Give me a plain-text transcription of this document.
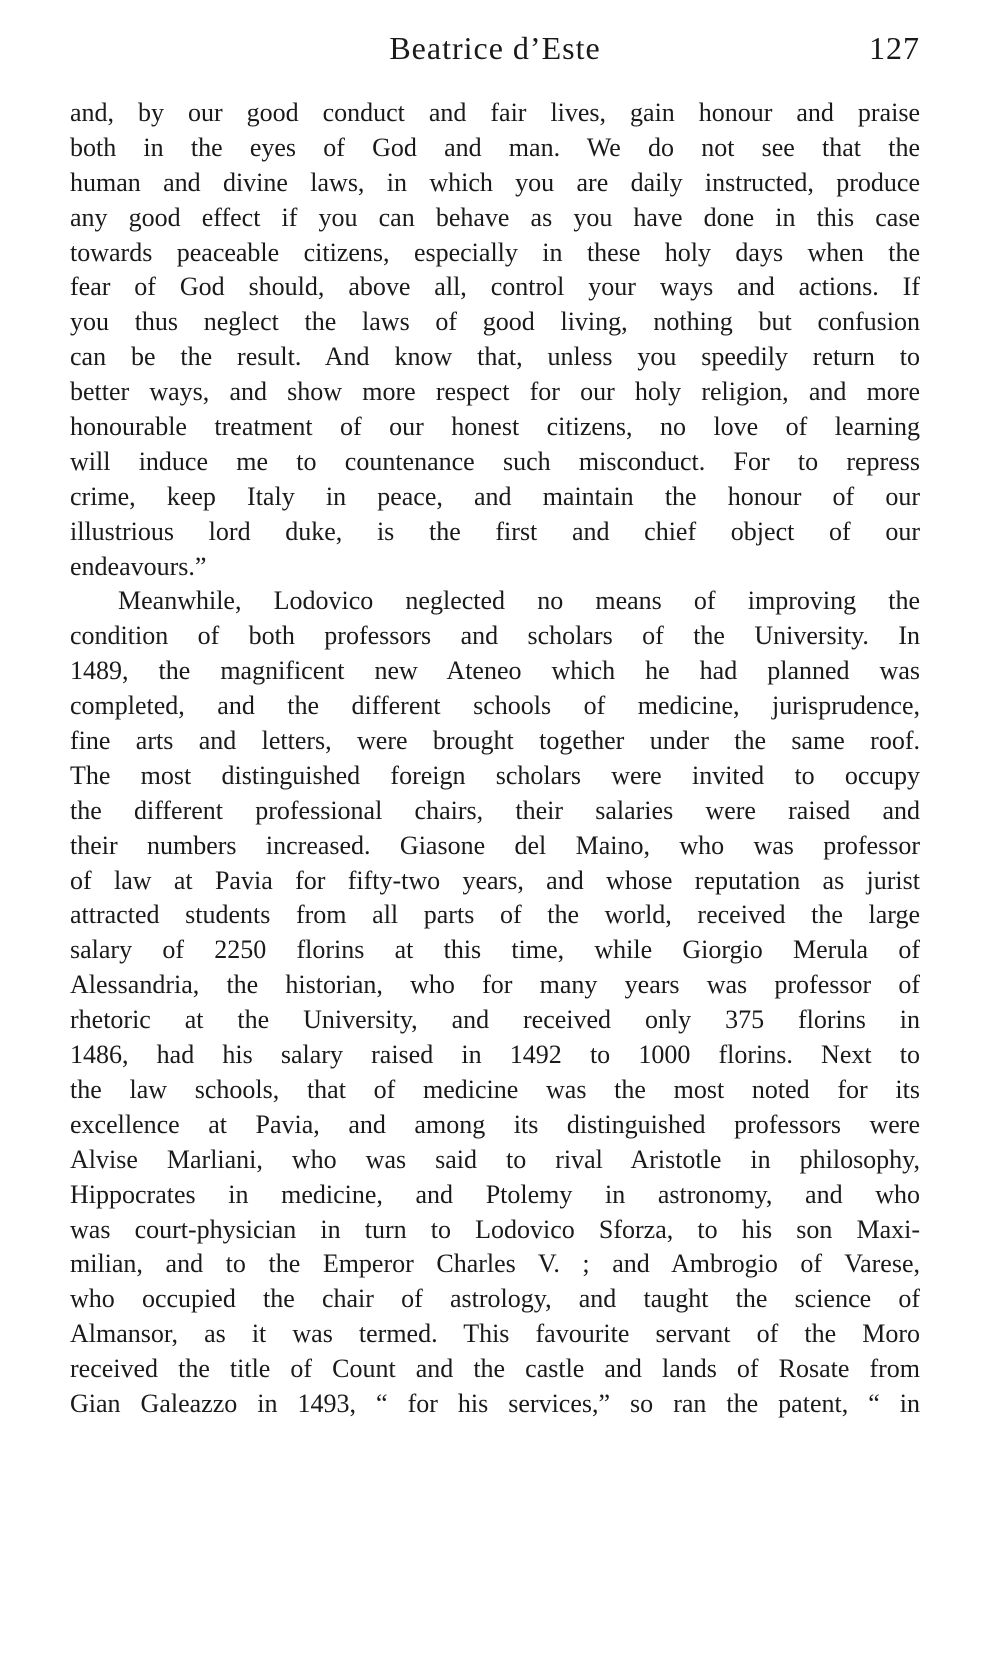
Beatrice d’Este	127
and, by our good conduct and fair lives, gain honour and praise
both in the eyes of God and man. We do not see that the
human and divine laws, in which you are daily instructed, produce
any good effect if you can behave as you have done in this case
towards peaceable citizens, especially in these holy days when the
fear of God should, above all, control your ways and actions. If
you thus neglect the laws of good living, nothing but confusion
can be the result. And know that, unless you speedily return to
better ways, and show more respect for our holy religion, and more
honourable treatment of our honest citizens, no love of learning
will induce me to countenance such misconduct. For to repress
crime, keep Italy in peace, and maintain the honour of our
illustrious lord duke, is the first and chief object of our
endeavours.”
Meanwhile, Lodovico neglected no means of improving the
condition of both professors and scholars of the University. In
1489, the magnificent new Ateneo which he had planned was
completed, and the different schools of medicine, jurisprudence,
fine arts and letters, were brought together under the same roof.
The most distinguished foreign scholars were invited to occupy
the different professional chairs, their salaries were raised and
their numbers increased. Giasone del Maino, who was professor
of law at Pavia for fifty-two years, and whose reputation as jurist
attracted students from all parts of the world, received the large
salary of 2250 florins at this time, while Giorgio Merula of
Alessandria, the historian, who for many years was professor of
rhetoric at the University, and received only 375 florins in
1486, had his salary raised in 1492 to 1000 florins. Next to
the law schools, that of medicine was the most noted for its
excellence at Pavia, and among its distinguished professors were
Alvise Marliani, who was said to rival Aristotle in philosophy,
Hippocrates in medicine, and Ptolemy in astronomy, and who
was court-physician in turn to Lodovico Sforza, to his son Maxi-
milian, and to the Emperor Charles V. ; and Ambrogio of Varese,
who occupied the chair of astrology, and taught the science of
Almansor, as it was termed. This favourite servant of the Moro
received the title of Count and the castle and lands of Rosate from
Gian Galeazzo in 1493, “ for his services,” so ran the patent, “ in
